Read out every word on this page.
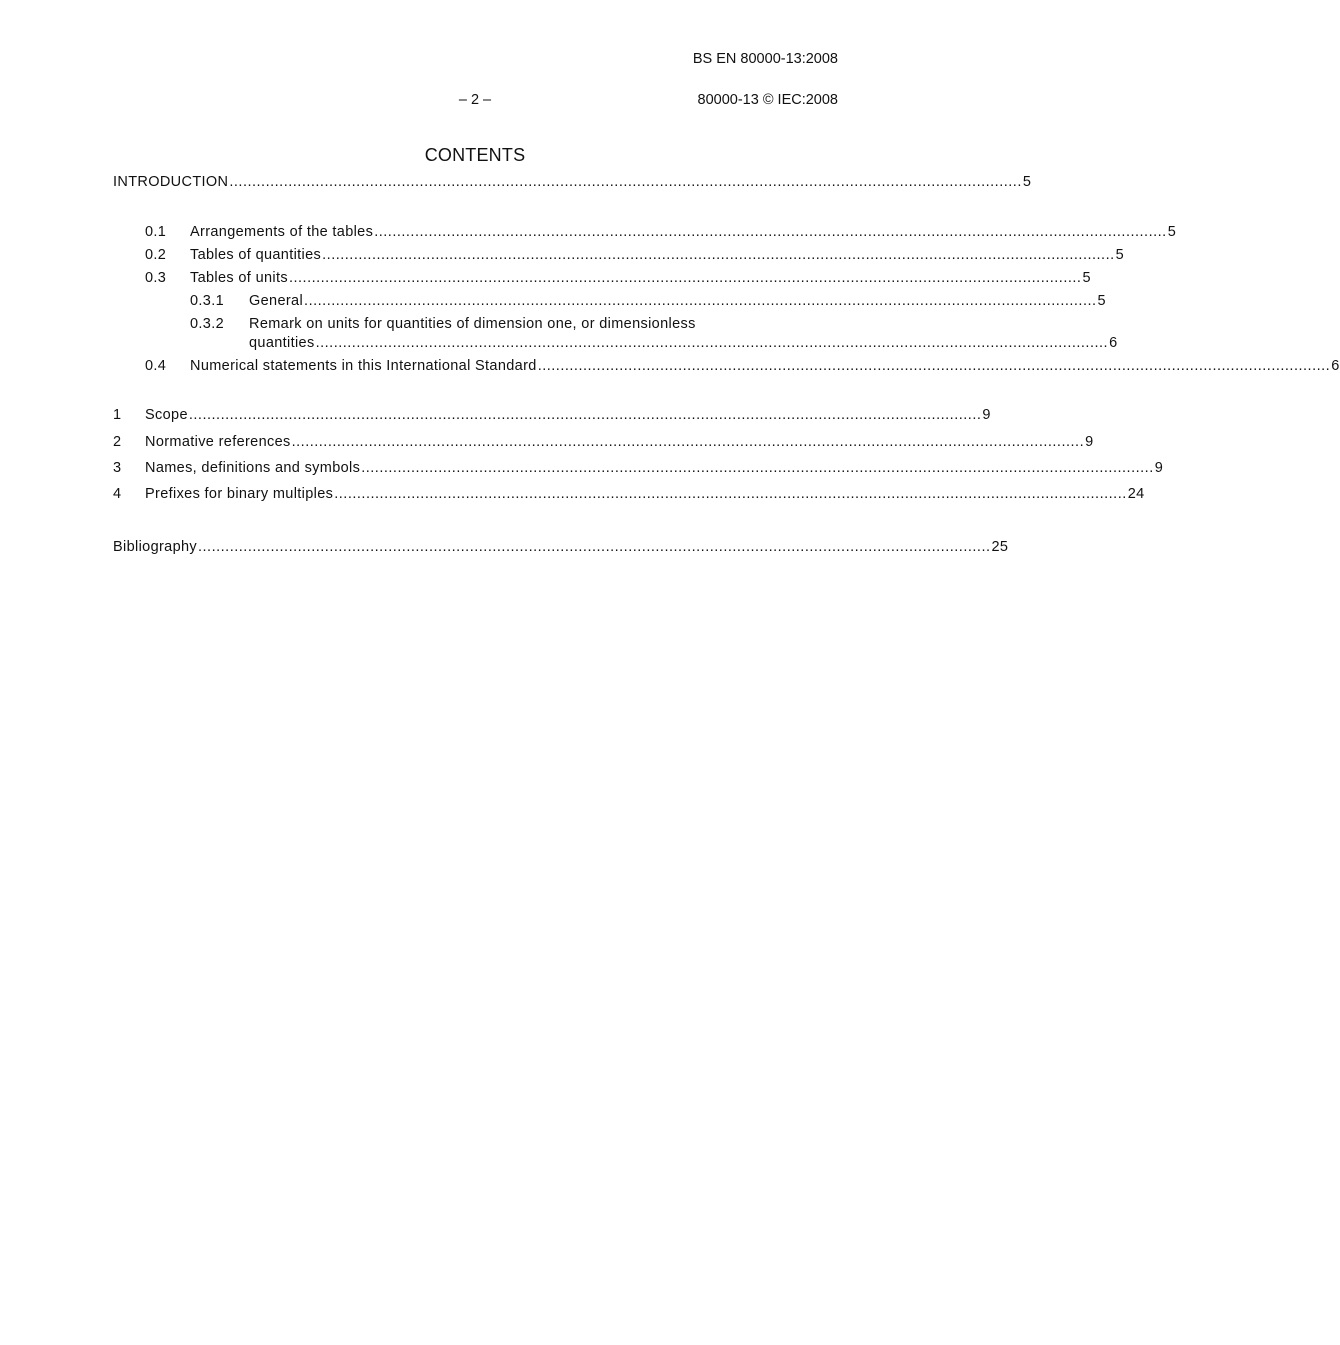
BS EN 80000-13:2008
– 2 –	80000-13 © IEC:2008
CONTENTS
INTRODUCTION ............................................................................................................................................................................... 5
0.1 Arrangements of the tables ............................................................................................................................................................................... 5
0.2 Tables of quantities ............................................................................................................................................................................... 5
0.3 Tables of units ............................................................................................................................................................................... 5
0.3.1 General ............................................................................................................................................................................... 5
0.3.2 Remark on units for quantities of dimension one, or dimensionless
quantities ............................................................................................................................................................................... 6
0.4 Numerical statements in this International Standard ............................................................................................................................................................................... 6
1 Scope ............................................................................................................................................................................... 9
2 Normative references ............................................................................................................................................................................... 9
3 Names, definitions and symbols ............................................................................................................................................................................... 9
4 Prefixes for binary multiples ............................................................................................................................................................................... 24
Bibliography ............................................................................................................................................................................... 25
